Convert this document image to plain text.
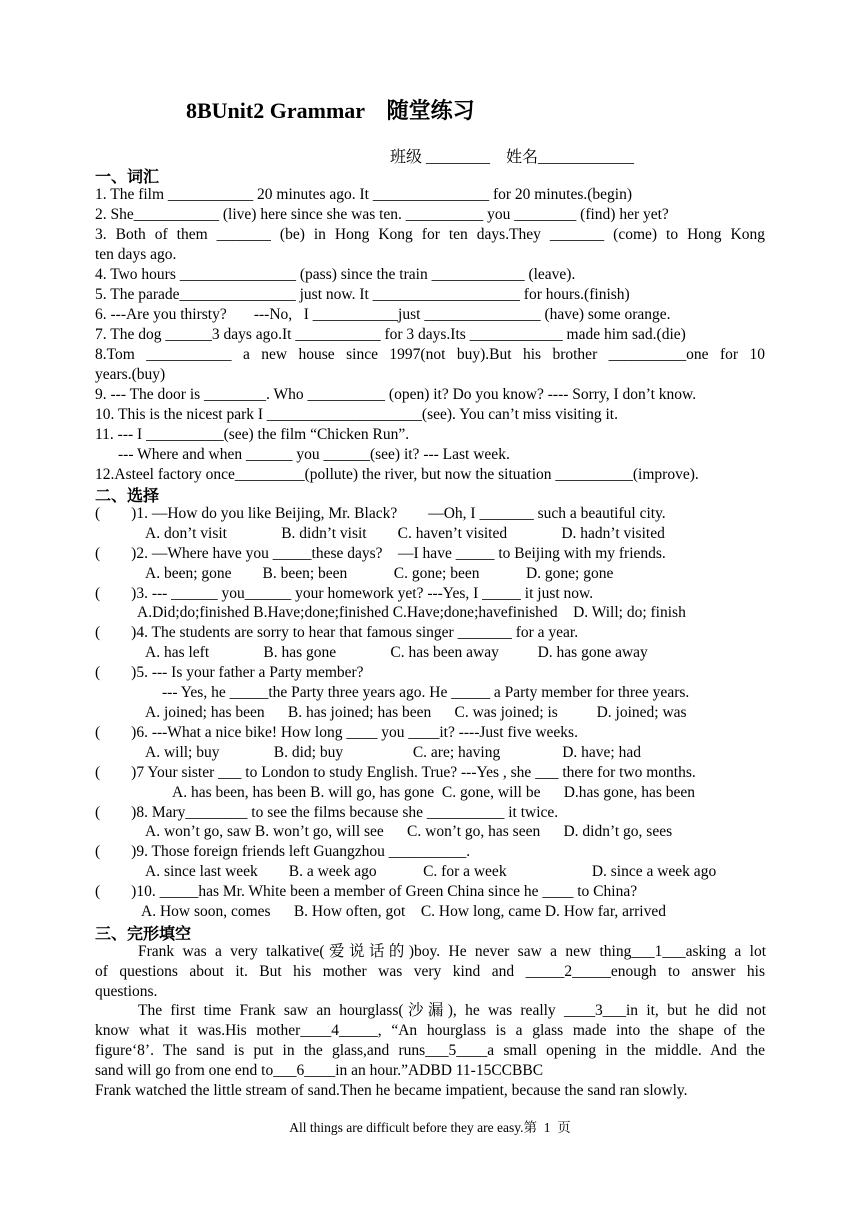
8BUnit2 Grammar    随堂练习
班级 ________    姓名____________
一、词汇
二、选择
三、完形填空
1. The film ___________ 20 minutes ago. It _______________ for 20 minutes.(begin)
2. She___________ (live) here since she was ten. __________ you ________ (find) her yet?
3. Both of them _______ (be) in Hong Kong for ten days.They _______ (come) to Hong Kong
ten days ago.
4. Two hours _______________ (pass) since the train ____________ (leave).
5. The parade_______________ just now. It ___________________ for hours.(finish)
6. ---Are you thirsty?       ---No,   I ___________just _______________ (have) some orange.
7. The dog ______3 days ago.It ___________ for 3 days.Its ____________ made him sad.(die)
8.Tom ___________ a new house since 1997(not buy).But his brother __________one for 10
years.(buy)
9. --- The door is ________. Who __________ (open) it? Do you know? ---- Sorry, I don’t know.
10. This is the nicest park I ____________________(see). You can’t miss visiting it.
11. --- I __________(see) the film “Chicken Run”.
--- Where and when ______ you ______(see) it? --- Last week.
12.Asteel factory once_________(pollute) the river, but now the situation __________(improve).
(        )1. —How do you like Beijing, Mr. Black?        —Oh, I _______ such a beautiful city.
A. don’t visit              B. didn’t visit        C. haven’t visited              D. hadn’t visited
(        )2. —Where have you _____these days?    —I have _____ to Beijing with my friends.
A. been; gone        B. been; been            C. gone; been            D. gone; gone
(        )3. --- ______ you______ your homework yet? ---Yes, I _____ it just now.
A.Did;do;finished B.Have;done;finished C.Have;done;havefinished    D. Will; do; finish
(        )4. The students are sorry to hear that famous singer _______ for a year.
A. has left              B. has gone              C. has been away          D. has gone away
(        )5. --- Is your father a Party member?
--- Yes, he _____the Party three years ago. He _____ a Party member for three years.
A. joined; has been      B. has joined; has been      C. was joined; is          D. joined; was
(        )6. ---What a nice bike! How long ____ you ____it? ----Just five weeks.
A. will; buy              B. did; buy                  C. are; having                D. have; had
(        )7 Your sister ___ to London to study English. True? ---Yes , she ___ there for two months.
A. has been, has been B. will go, has gone  C. gone, will be      D.has gone, has been
(        )8. Mary________ to see the films because she __________ it twice.
A. won’t go, saw B. won’t go, will see      C. won’t go, has seen      D. didn’t go, sees
(        )9. Those foreign friends left Guangzhou __________.
A. since last week        B. a week ago            C. for a week                      D. since a week ago
(        )10. _____has Mr. White been a member of Green China since he ____ to China?
A. How soon, comes      B. How often, got    C. How long, came D. How far, arrived
Frank was a very talkative(爱说话的)boy. He never saw a new thing___1___asking a lot
of questions about it. But his mother was very kind and _____2_____enough to answer his
questions.
The first time Frank saw an hourglass(沙漏), he was really ____3___in it, but he did not
know what it was.His mother____4_____, “An hourglass is a glass made into the shape of the
figure‘8’. The sand is put in the glass,and runs___5____a small opening in the middle. And the
sand will go from one end to___6____in an hour.”ADBD 11-15CCBBC
Frank watched the little stream of sand.Then he became impatient, because the sand ran slowly.
All things are difficult before they are easy.第  1  页
